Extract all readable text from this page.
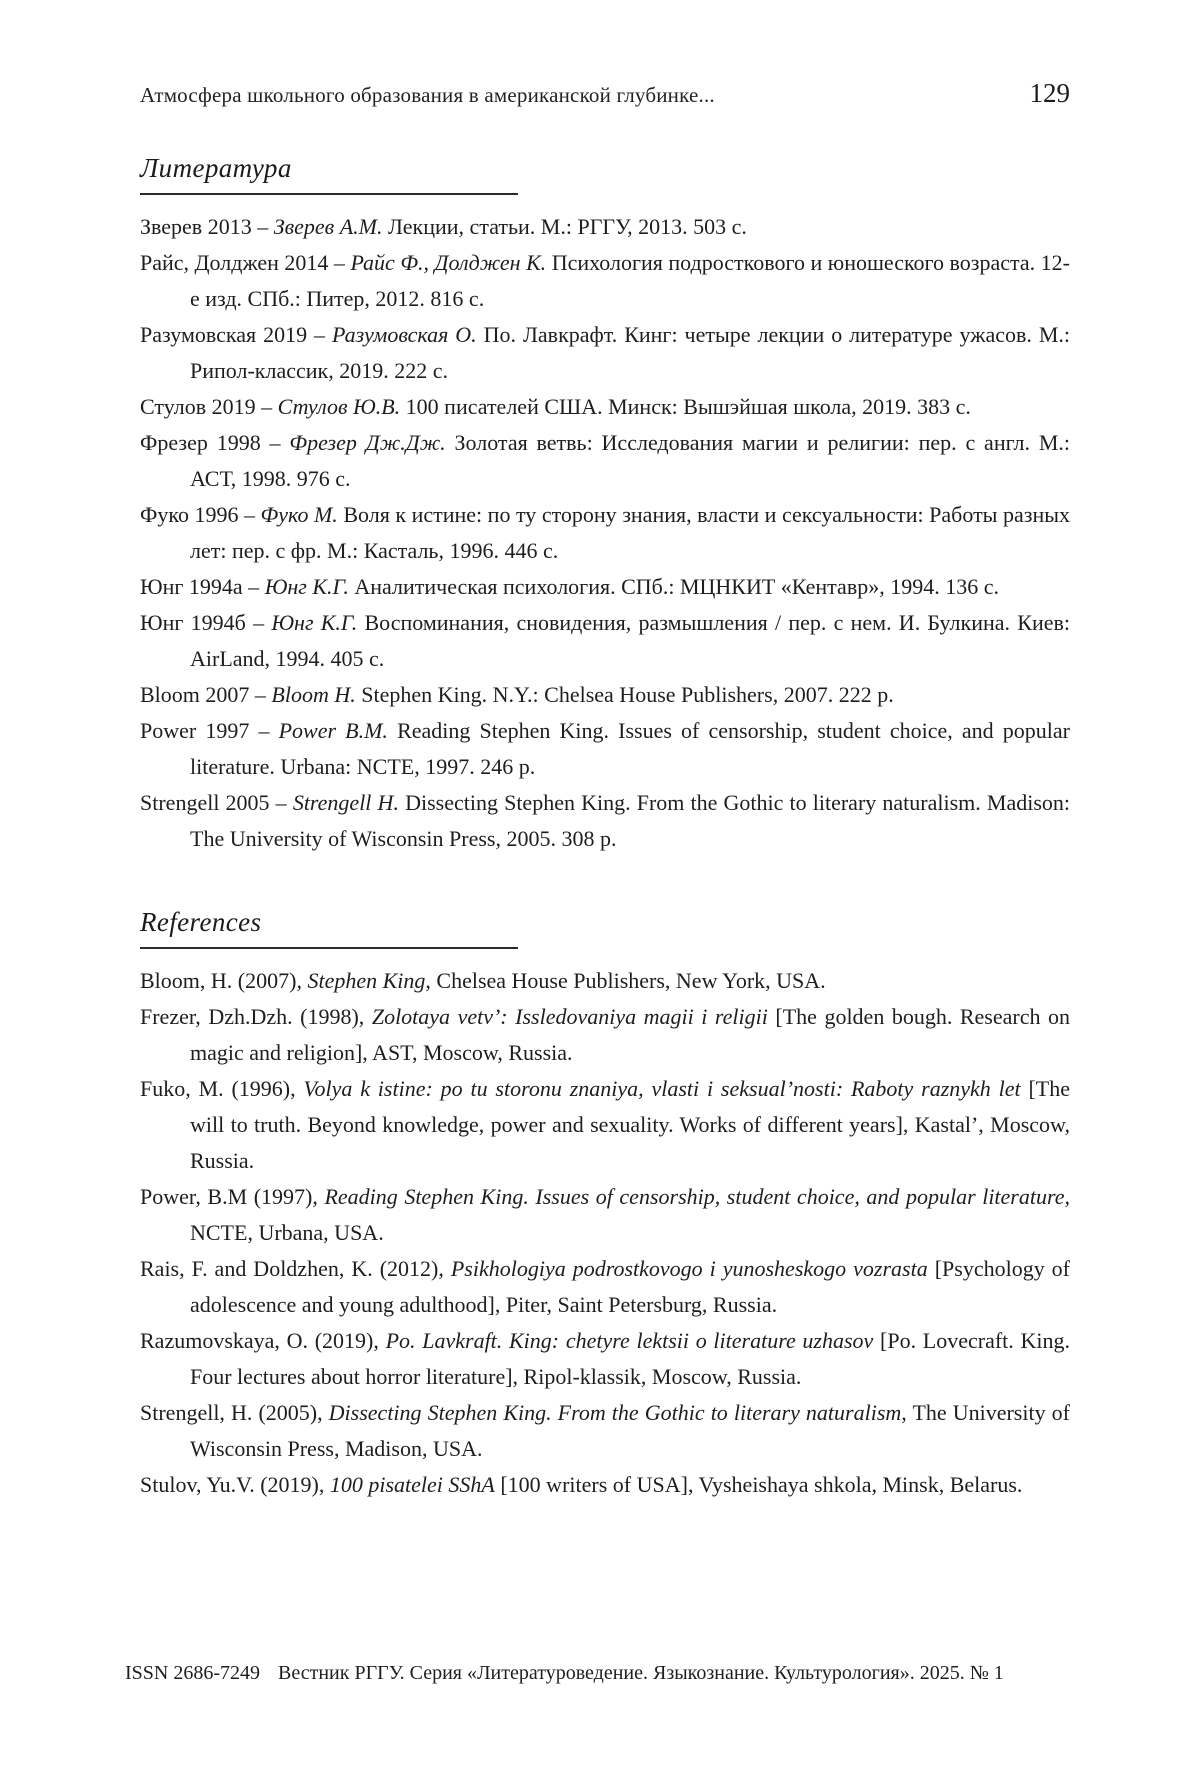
Атмосфера школьного образования в американской глубинке...	129
Литература

Зверев 2013 – Зверев А.М. Лекции, статьи. М.: РГГУ, 2013. 503 с.

Райс, Долджен 2014 – Райс Ф., Долджен К. Психология подросткового и юношеского возраста. 12-е изд. СПб.: Питер, 2012. 816 с.

Разумовская 2019 – Разумовская О. По. Лавкрафт. Кинг: четыре лекции о литературе ужасов. М.: Рипол-классик, 2019. 222 с.

Стулов 2019 – Стулов Ю.В. 100 писателей США. Минск: Вышэйшая школа, 2019. 383 с.

Фрезер 1998 – Фрезер Дж.Дж. Золотая ветвь: Исследования магии и религии: пер. с англ. М.: АСТ, 1998. 976 с.

Фуко 1996 – Фуко М. Воля к истине: по ту сторону знания, власти и сексуальности: Работы разных лет: пер. с фр. М.: Касталь, 1996. 446 с.

Юнг 1994а – Юнг К.Г. Аналитическая психология. СПб.: МЦНКИТ «Кентавр», 1994. 136 с.

Юнг 1994б – Юнг К.Г. Воспоминания, сновидения, размышления / пер. с нем. И. Булкина. Киев: AirLand, 1994. 405 с.

Bloom 2007 – Bloom H. Stephen King. N.Y.: Chelsea House Publishers, 2007. 222 p.

Power 1997 – Power B.M. Reading Stephen King. Issues of censorship, student choice, and popular literature. Urbana: NCTE, 1997. 246 p.

Strengell 2005 – Strengell H. Dissecting Stephen King. From the Gothic to literary naturalism. Madison: The University of Wisconsin Press, 2005. 308 p.

References

Bloom, H. (2007), Stephen King, Chelsea House Publishers, New York, USA.

Frezer, Dzh.Dzh. (1998), Zolotaya vetv’: Issledovaniya magii i religii [The golden bough. Research on magic and religion], AST, Moscow, Russia.

Fuko, M. (1996), Volya k istine: po tu storonu znaniya, vlasti i seksual’nosti: Raboty raznykh let [The will to truth. Beyond knowledge, power and sexuality. Works of different years], Kastal’, Moscow, Russia.

Power, B.M (1997), Reading Stephen King. Issues of censorship, student choice, and popular literature, NCTE, Urbana, USA.

Rais, F. and Doldzhen, K. (2012), Psikhologiya podrostkovogo i yunosheskogo vozrasta [Psychology of adolescence and young adulthood], Piter, Saint Petersburg, Russia.

Razumovskaya, O. (2019), Po. Lavkraft. King: chetyre lektsii o literature uzhasov [Po. Lovecraft. King. Four lectures about horror literature], Ripol-klassik, Moscow, Russia.

Strengell, H. (2005), Dissecting Stephen King. From the Gothic to literary naturalism, The University of Wisconsin Press, Madison, USA.

Stulov, Yu.V. (2019), 100 pisatelei SShA [100 writers of USA], Vysheishaya shkola, Minsk, Belarus.

ISSN 2686-7249 Вестник РГГУ. Серия «Литературоведение. Языкознание. Культурология». 2025. № 1
